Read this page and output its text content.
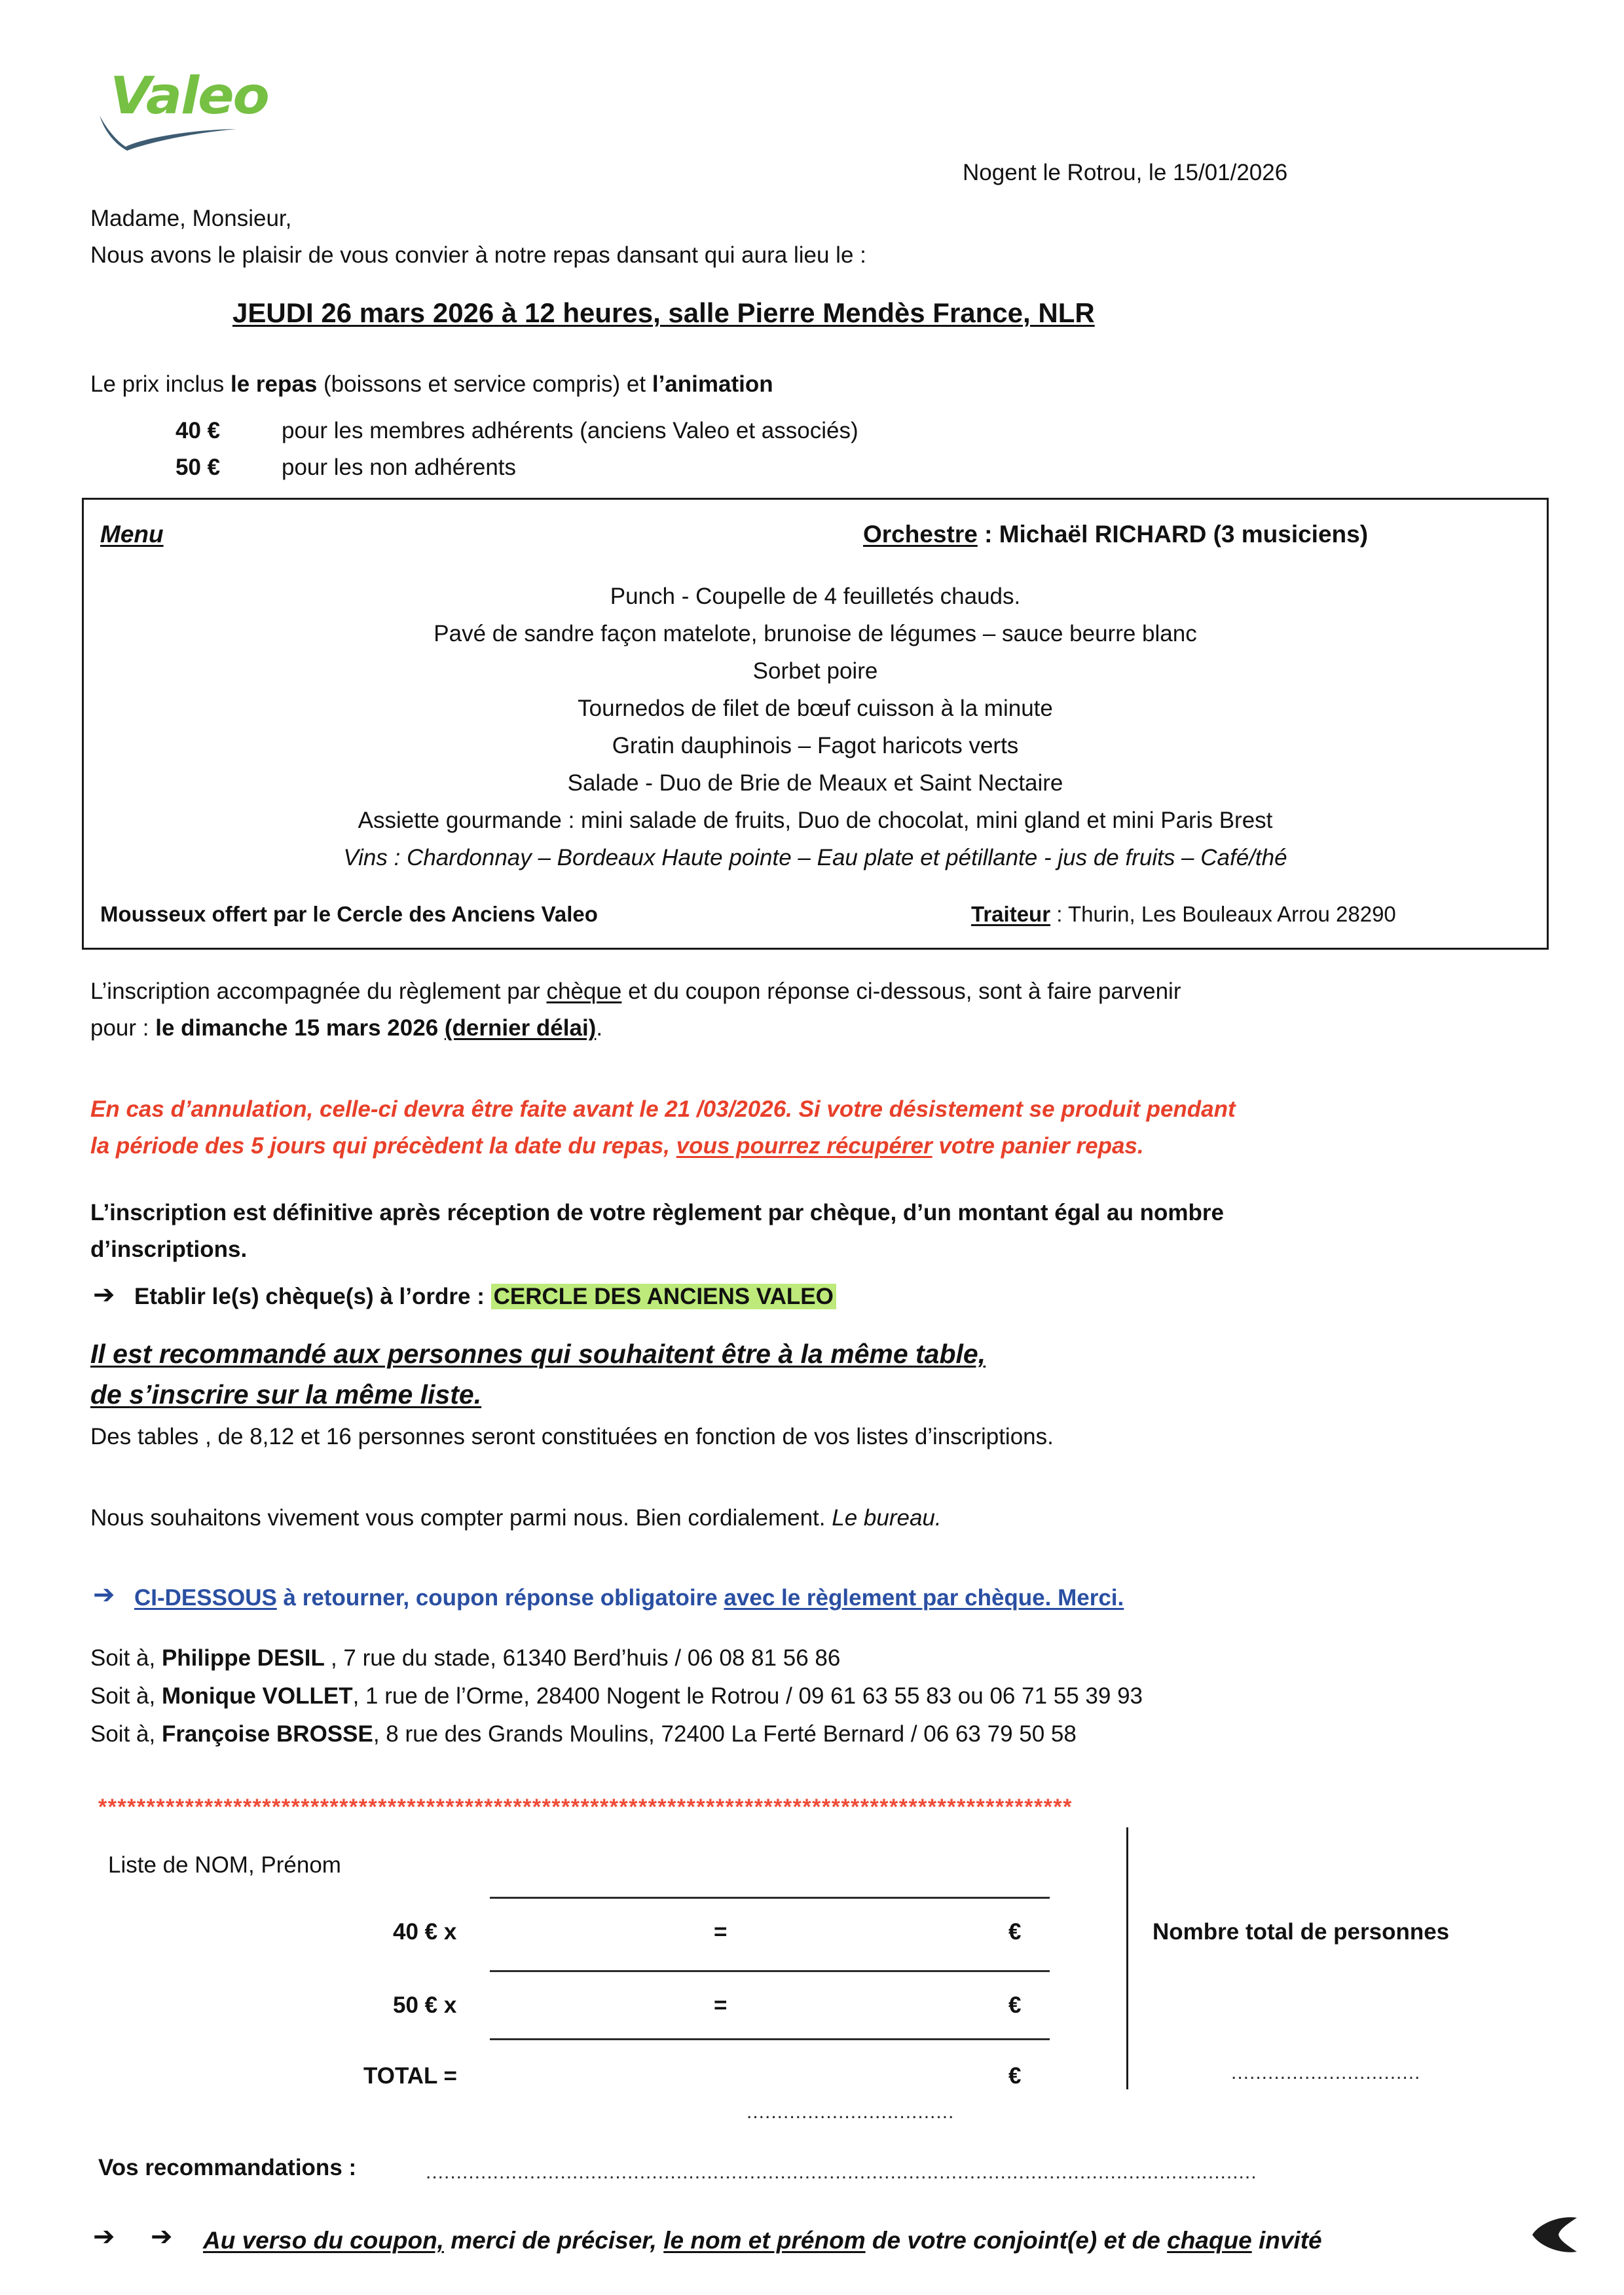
Valeo
Nogent le Rotrou, le 15/01/2026
Madame, Monsieur,
Nous avons le plaisir de vous convier à notre repas dansant qui aura lieu le :
JEUDI 26 mars 2026 à 12 heures, salle Pierre Mendès France, NLR
Le prix inclus le repas (boissons et service compris) et l’animation
40 €	pour les membres adhérents (anciens Valeo et associés)
50 €	pour les non adhérents
Menu	Orchestre : Michaël RICHARD (3 musiciens)
Punch - Coupelle de 4 feuilletés chauds.
Pavé de sandre façon matelote, brunoise de légumes – sauce beurre blanc
Sorbet poire
Tournedos de filet de bœuf cuisson à la minute
Gratin dauphinois – Fagot haricots verts
Salade - Duo de Brie de Meaux et Saint Nectaire
Assiette gourmande : mini salade de fruits, Duo de chocolat, mini gland et mini Paris Brest
Vins : Chardonnay – Bordeaux Haute pointe – Eau plate et pétillante - jus de fruits – Café/thé
Mousseux offert par le Cercle des Anciens Valeo	Traiteur : Thurin, Les Bouleaux Arrou 28290
L’inscription accompagnée du règlement par chèque et du coupon réponse ci-dessous, sont à faire parvenir
pour : le dimanche 15 mars 2026 (dernier délai).
En cas d’annulation, celle-ci devra être faite avant le 21 /03/2026. Si votre désistement se produit pendant
la période des 5 jours qui précèdent la date du repas, vous pourrez récupérer votre panier repas.
L’inscription est définitive après réception de votre règlement par chèque, d’un montant égal au nombre
d’inscriptions.
➔ Etablir le(s) chèque(s) à l’ordre : CERCLE DES ANCIENS VALEO
Il est recommandé aux personnes qui souhaitent être à la même table,
de s’inscrire sur la même liste.
Des tables , de 8,12 et 16 personnes seront constituées en fonction de vos listes d’inscriptions.
Nous souhaitons vivement vous compter parmi nous. Bien cordialement. Le bureau.
➔ CI-DESSOUS à retourner, coupon réponse obligatoire avec le règlement par chèque. Merci.
Soit à, Philippe DESIL , 7 rue du stade, 61340 Berd’huis / 06 08 81 56 86
Soit à, Monique VOLLET, 1 rue de l’Orme, 28400 Nogent le Rotrou / 09 61 63 55 83 ou 06 71 55 39 93
Soit à, Françoise BROSSE, 8 rue des Grands Moulins, 72400 La Ferté Bernard / 06 63 79 50 58
*****************************************************************************************************
Liste de NOM, Prénom
40 € x	=	€
50 € x	=	€
TOTAL =	€
..................................
Nombre total de personnes
...............................
Vos recommandations :	........................................................................................................................................
➔ ➔ Au verso du coupon, merci de préciser, le nom et prénom de votre conjoint(e) et de chaque invité
